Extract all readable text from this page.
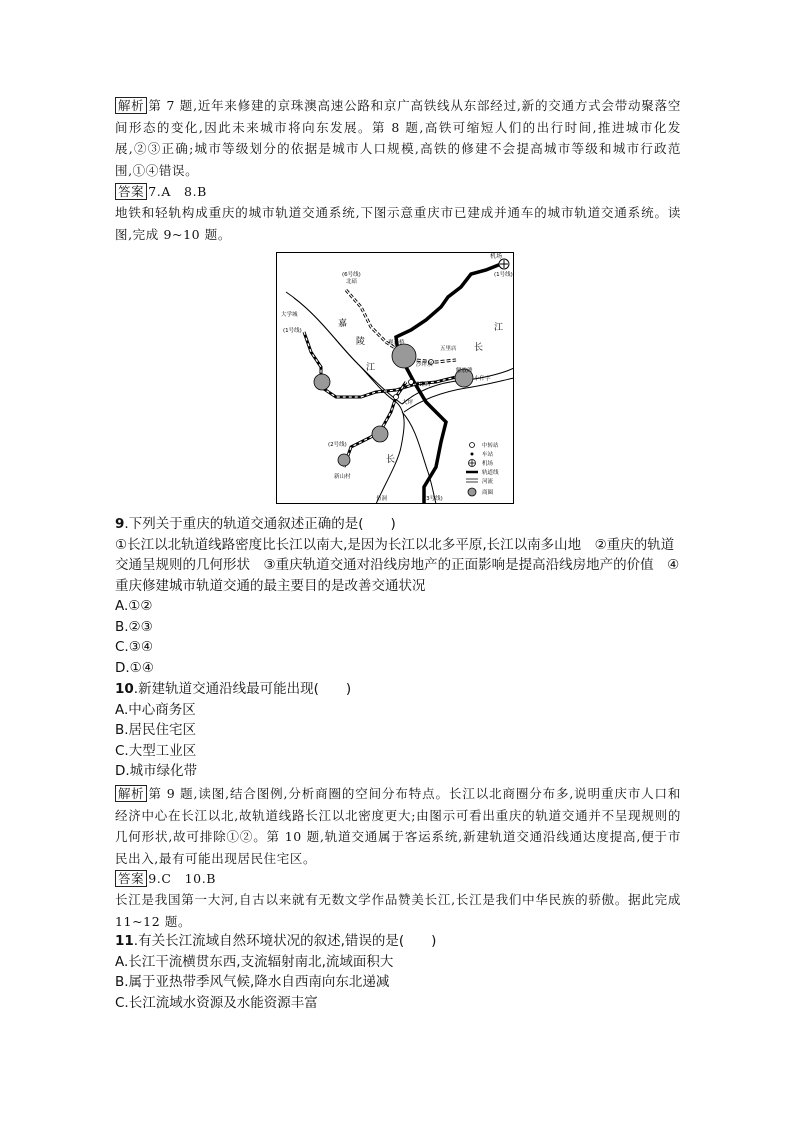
解析 第 7 题,近年来修建的京珠澳高速公路和京广高铁线从东部经过,新的交通方式会带动聚落空间形态的变化,因此未来城市将向东发展。第 8 题,高铁可缩短人们的出行时间,推进城市化发展,②③正确;城市等级划分的依据是城市人口规模,高铁的修建不会提高城市等级和城市行政范围,①④错误。
答案 7.A　8.B
地铁和轻轨构成重庆的城市轨道交通系统,下图示意重庆市已建成并通车的城市轨道交通系统。读图,完成 9~10 题。
机场
(1号线)
(6号线)
北碚
大学城
(1号线)
嘉
陵
江
观音桥
五里店
江
长
沙坪坝
小什字
两路口
解放碑
大坪
(2号线)
新山村
长
鱼洞	(3号线)
中转站
车站
机场
轨道线
河流
商圈
9.下列关于重庆的轨道交通叙述正确的是(　　)
①长江以北轨道线路密度比长江以南大,是因为长江以北多平原,长江以南多山地　②重庆的轨道交通呈规则的几何形状　③重庆轨道交通对沿线房地产的正面影响是提高沿线房地产的价值　④重庆修建城市轨道交通的最主要目的是改善交通状况
A.①②
B.②③
C.③④
D.①④
10.新建轨道交通沿线最可能出现(　　)
A.中心商务区
B.居民住宅区
C.大型工业区
D.城市绿化带
解析 第 9 题,读图,结合图例,分析商圈的空间分布特点。长江以北商圈分布多,说明重庆市人口和经济中心在长江以北,故轨道线路长江以北密度更大;由图示可看出重庆的轨道交通并不呈现规则的几何形状,故可排除①②。第 10 题,轨道交通属于客运系统,新建轨道交通沿线通达度提高,便于市民出入,最有可能出现居民住宅区。
答案 9.C　10.B
长江是我国第一大河,自古以来就有无数文学作品赞美长江,长江是我们中华民族的骄傲。据此完成 11~12 题。
11.有关长江流域自然环境状况的叙述,错误的是(　　)
A.长江干流横贯东西,支流辐射南北,流域面积大
B.属于亚热带季风气候,降水自西南向东北递减
C.长江流域水资源及水能资源丰富
